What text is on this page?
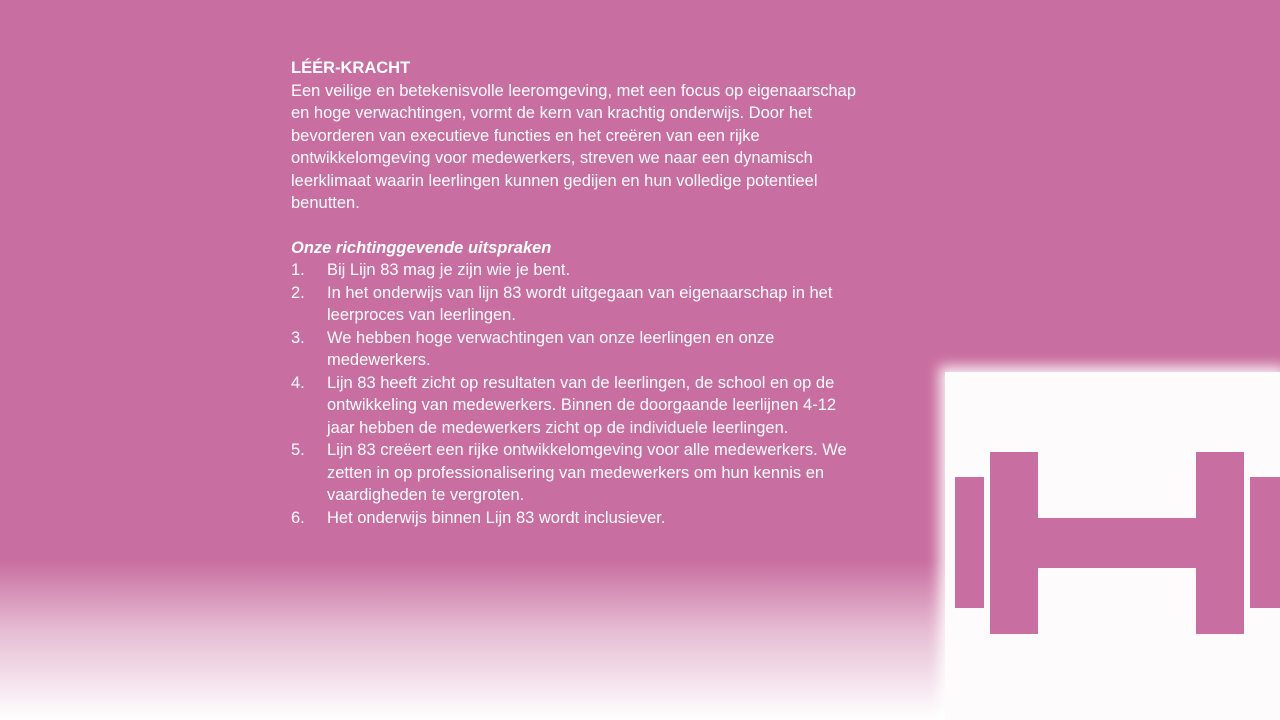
LÉÉR-KRACHT

Een veilige en betekenisvolle leeromgeving, met een focus op eigenaarschap en hoge verwachtingen, vormt de kern van krachtig onderwijs. Door het bevorderen van executieve functies en het creëren van een rijke ontwikkelomgeving voor medewerkers, streven we naar een dynamisch leerklimaat waarin leerlingen kunnen gedijen en hun volledige potentieel benutten.

Onze richtinggevende uitspraken

1.	Bij Lijn 83 mag je zijn wie je bent.
2.	In het onderwijs van lijn 83 wordt uitgegaan van eigenaarschap in het leerproces van leerlingen.
3.	We hebben hoge verwachtingen van onze leerlingen en onze medewerkers.
4.	Lijn 83 heeft zicht op resultaten van de leerlingen, de school en op de ontwikkeling van medewerkers. Binnen de doorgaande leerlijnen 4-12 jaar hebben de medewerkers zicht op de individuele leerlingen.
5.	Lijn 83 creëert een rijke ontwikkelomgeving voor alle medewerkers. We zetten in op professionalisering van medewerkers om hun kennis en vaardigheden te vergroten.
6.	Het onderwijs binnen Lijn 83 wordt inclusiever.
